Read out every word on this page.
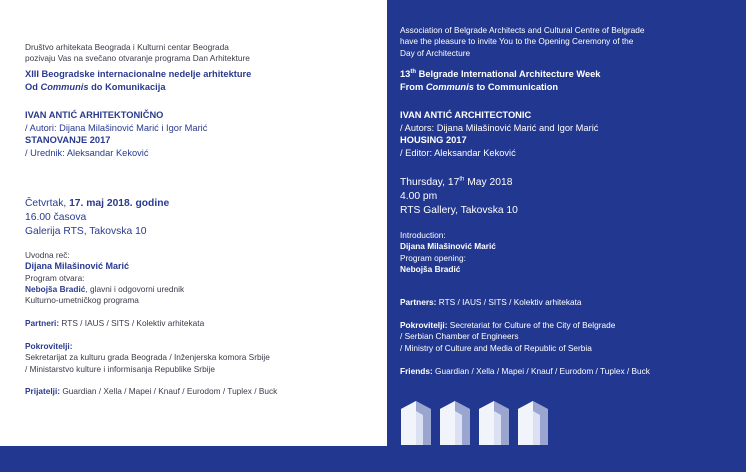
Društvo arhitekata Beograda i Kulturni centar Beograda
pozivaju Vas na svečano otvaranje programa Dan Arhitekture
XIII Beogradske internacionalne nedelje arhitekture
Od Communis do Komunikacija
IVAN ANTIĆ ARHITEKTONIČNO
/ Autori: Dijana Milašinović Marić i Igor Marić
STANOVANJE 2017
/ Urednik: Aleksandar Keković
Četvrtak, 17. maj 2018. godine
16.00 časova
Galerija RTS, Takovska 10
Uvodna reč:
Dijana Milašinović Marić
Program otvara:
Nebojša Bradić, glavni i odgovorni urednik
Kulturno-umetničkog programa
Partneri: RTS / IAUS / SITS / Kolektiv arhitekata
Pokrovitelji:
Sekretarijat za kulturu grada Beograda / Inženjerska komora Srbije
/ Ministarstvo kulture i informisanja Republike Srbije
Prijatelji: Guardian / Xella / Mapei / Knauf / Eurodom / Tuplex / Buck
Association of Belgrade Architects and Cultural Centre of Belgrade
have the pleasure to invite You to the Opening Ceremony of the
Day of Architecture
13th Belgrade International Architecture Week
From Communis to Communication
IVAN ANTIĆ ARCHITECTONIC
/ Autors: Dijana Milašinović Marić and Igor Marić
HOUSING 2017
/ Editor: Aleksandar Keković
Thursday, 17th May 2018
4.00 pm
RTS Gallery, Takovska 10
Introduction:
Dijana Milašinović Marić
Program opening:
Nebojša Bradić
Partners: RTS / IAUS / SITS / Kolektiv arhitekata
Pokrovitelji: Secretariat for Culture of the City of Belgrade
/ Serbian Chamber of Engineers
/ Ministry of Culture and Media of Republic of Serbia
Friends: Guardian / Xella / Mapei / Knauf / Eurodom / Tuplex / Buck
